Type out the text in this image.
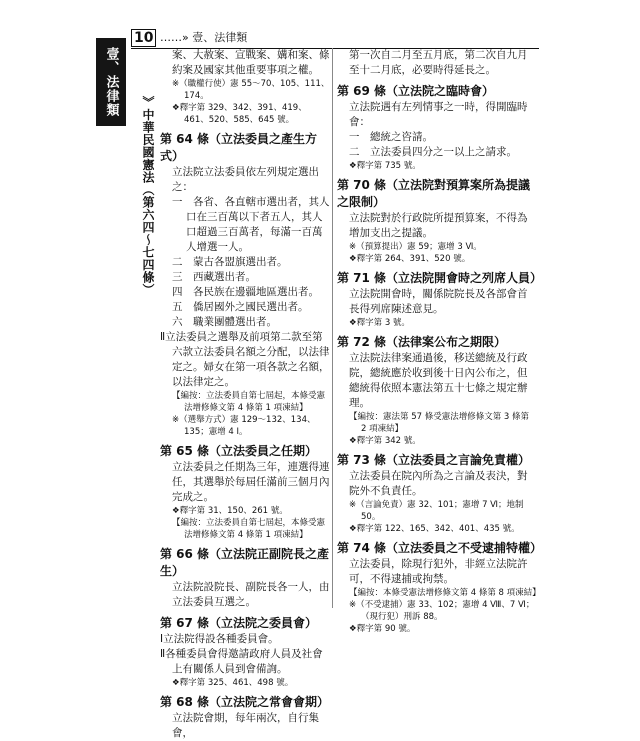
壹、法律類
10 ……» 壹、法律類
》中華民國憲法（第六四～七四條）

案、大赦案、宣戰案、媾和案、條約案及國家其他重要事項之權。

※（職權行使）憲 55～70、105、111、174。

❖釋字第 329、342、391、419、461、520、585、645 號。

第 64 條（立法委員之產生方式）

立法院立法委員依左列規定選出之：

一　各省、各直轄市選出者，其人口在三百萬以下者五人，其人口超過三百萬者，每滿一百萬人增選一人。

二　蒙古各盟旗選出者。

三　西藏選出者。

四　各民族在邊疆地區選出者。

五　僑居國外之國民選出者。

六　職業團體選出者。

Ⅱ立法委員之選舉及前項第二款至第六款立法委員名額之分配，以法律定之。婦女在第一項各款之名額，以法律定之。

【編按：立法委員自第七屆起，本條受憲法增修條文第 4 條第 1 項凍結】

※（選舉方式）憲 129～132、134、135；憲增 4 I。

第 65 條（立法委員之任期）

立法委員之任期為三年，連選得連任，其選舉於每屆任滿前三個月內完成之。

❖釋字第 31、150、261 號。

【編按：立法委員自第七屆起，本條受憲法增修條文第 4 條第 1 項凍結】

第 66 條（立法院正副院長之產生）

立法院設院長、副院長各一人，由立法委員互選之。

第 67 條（立法院之委員會）

Ⅰ立法院得設各種委員會。

Ⅱ各種委員會得邀請政府人員及社會上有關係人員到會備詢。

❖釋字第 325、461、498 號。

第 68 條（立法院之常會會期）

立法院會期，每年兩次，自行集會，

第一次自二月至五月底，第二次自九月至十二月底，必要時得延長之。

第 69 條（立法院之臨時會）

立法院遇有左列情事之一時，得開臨時會：

一　總統之咨請。

二　立法委員四分之一以上之請求。

❖釋字第 735 號。

第 70 條（立法院對預算案所為提議之限制）

立法院對於行政院所提預算案，不得為增加支出之提議。

※（預算提出）憲 59；憲增 3 Ⅵ。

❖釋字第 264、391、520 號。

第 71 條（立法院開會時之列席人員）

立法院開會時，關係院院長及各部會首長得列席陳述意見。

❖釋字第 3 號。

第 72 條（法律案公布之期限）

立法院法律案通過後，移送總統及行政院，總統應於收到後十日內公布之，但總統得依照本憲法第五十七條之規定辦理。

【編按：憲法第 57 條受憲法增修條文第 3 條第 2 項凍結】

❖釋字第 342 號。

第 73 條（立法委員之言論免責權）

立法委員在院內所為之言論及表決，對院外不負責任。

※（言論免責）憲 32、101；憲增 7 Ⅵ；地制 50。

❖釋字第 122、165、342、401、435 號。

第 74 條（立法委員之不受逮捕特權）

立法委員，除現行犯外，非經立法院許可，不得逮捕或拘禁。

【編按：本條受憲法增修條文第 4 條第 8 項凍結】

※（不受逮捕）憲 33、102；憲增 4 Ⅷ、7 Ⅵ；（現行犯）刑訴 88。

❖釋字第 90 號。
